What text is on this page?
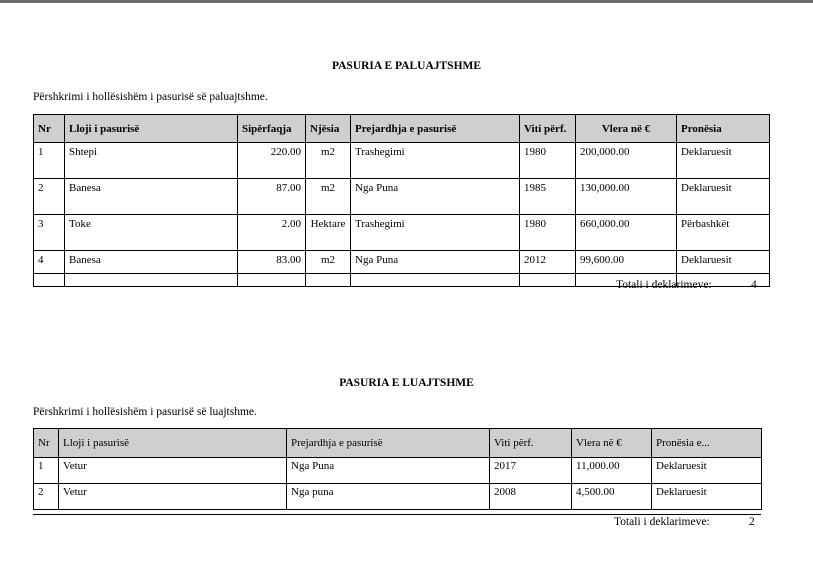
PASURIA E PALUAJTSHME
Përshkrimi i hollësishëm i pasurisë së paluajtshme.
Nr	Lloji i pasurisë	Sipërfaqja	Njësia	Prejardhja e pasurisë	Viti përf.	Vlera në €	Pronësia
1	Shtepi	220.00	m2	Trashegimi	1980	200,000.00	Deklaruesit
2	Banesa	87.00	m2	Nga Puna	1985	130,000.00	Deklaruesit
3	Toke	2.00	Hektare	Trashegimi	1980	660,000.00	Përbashkët
4	Banesa	83.00	m2	Nga Puna	2012	99,600.00	Deklaruesit
Totali i deklarimeve:	4
PASURIA E LUAJTSHME
Përshkrimi i hollësishëm i pasurisë së luajtshme.
Nr	Lloji i pasurisë	Prejardhja e pasurisë	Viti përf.	Vlera në €	Pronësia e...
1	Vetur	Nga Puna	2017	11,000.00	Deklaruesit
2	Vetur	Nga puna	2008	4,500.00	Deklaruesit
Totali i deklarimeve:	2
